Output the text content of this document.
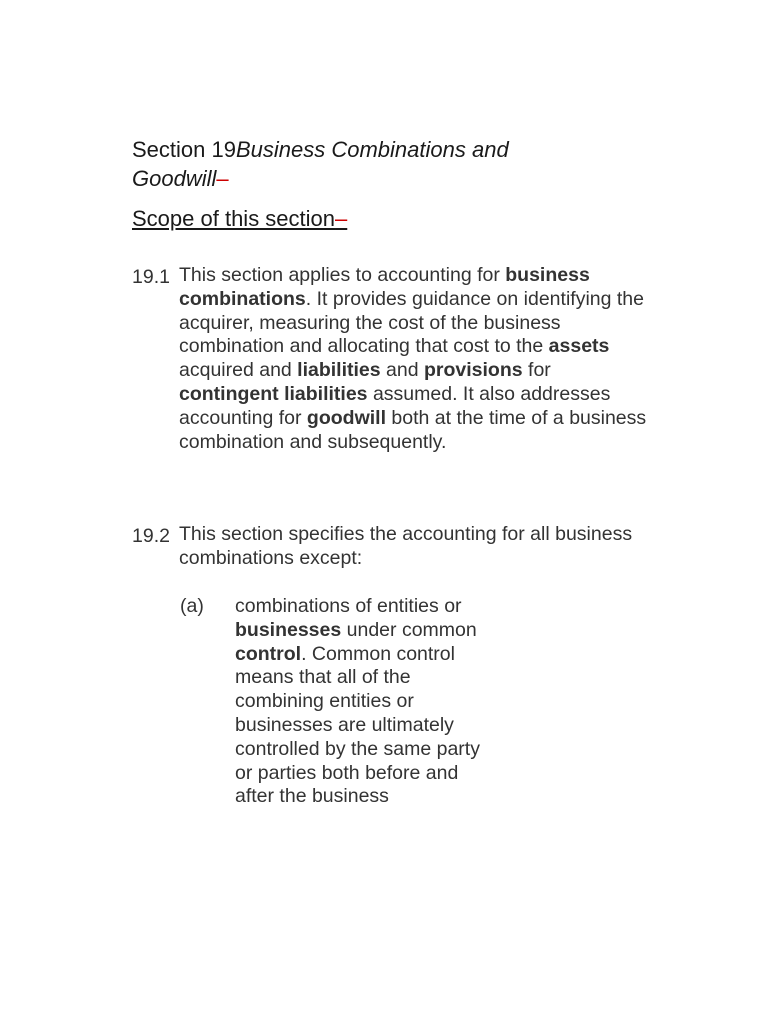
Section 19Business Combinations and Goodwill–
Scope of this section–
19.1 This section applies to accounting for business combinations. It provides guidance on identifying the acquirer, measuring the cost of the business combination and allocating that cost to the assets acquired and liabilities and provisions for contingent liabilities assumed. It also addresses accounting for goodwill both at the time of a business combination and subsequently.
19.2 This section specifies the accounting for all business combinations except:
(a) combinations of entities or businesses under common control. Common control means that all of the combining entities or businesses are ultimately controlled by the same party or parties both before and after the business
